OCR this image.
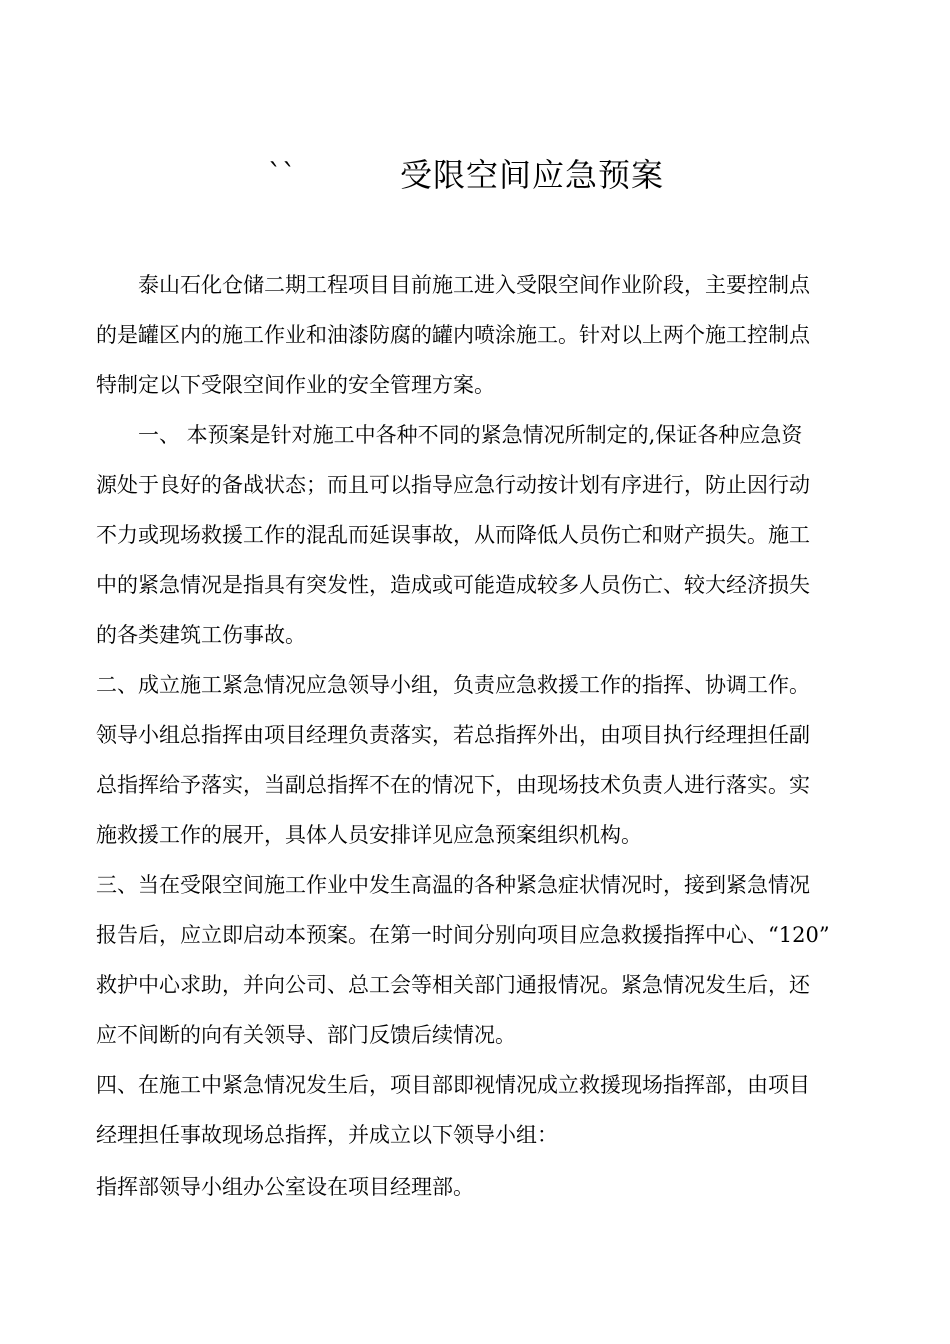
``	受限空间应急预案
泰山石化仓储二期工程项目目前施工进入受限空间作业阶段，主要控制点
的是罐区内的施工作业和油漆防腐的罐内喷涂施工。针对以上两个施工控制点
特制定以下受限空间作业的安全管理方案。
一、 本预案是针对施工中各种不同的紧急情况所制定的,保证各种应急资
源处于良好的备战状态；而且可以指导应急行动按计划有序进行，防止因行动
不力或现场救援工作的混乱而延误事故，从而降低人员伤亡和财产损失。施工
中的紧急情况是指具有突发性，造成或可能造成较多人员伤亡、较大经济损失
的各类建筑工伤事故。
二、成立施工紧急情况应急领导小组，负责应急救援工作的指挥、协调工作。
领导小组总指挥由项目经理负责落实，若总指挥外出，由项目执行经理担任副
总指挥给予落实，当副总指挥不在的情况下，由现场技术负责人进行落实。实
施救援工作的展开，具体人员安排详见应急预案组织机构。
三、当在受限空间施工作业中发生高温的各种紧急症状情况时，接到紧急情况
报告后，应立即启动本预案。在第一时间分别向项目应急救援指挥中心、“120”
救护中心求助，并向公司、总工会等相关部门通报情况。紧急情况发生后，还
应不间断的向有关领导、部门反馈后续情况。
四、在施工中紧急情况发生后，项目部即视情况成立救援现场指挥部，由项目
经理担任事故现场总指挥，并成立以下领导小组：
指挥部领导小组办公室设在项目经理部。
